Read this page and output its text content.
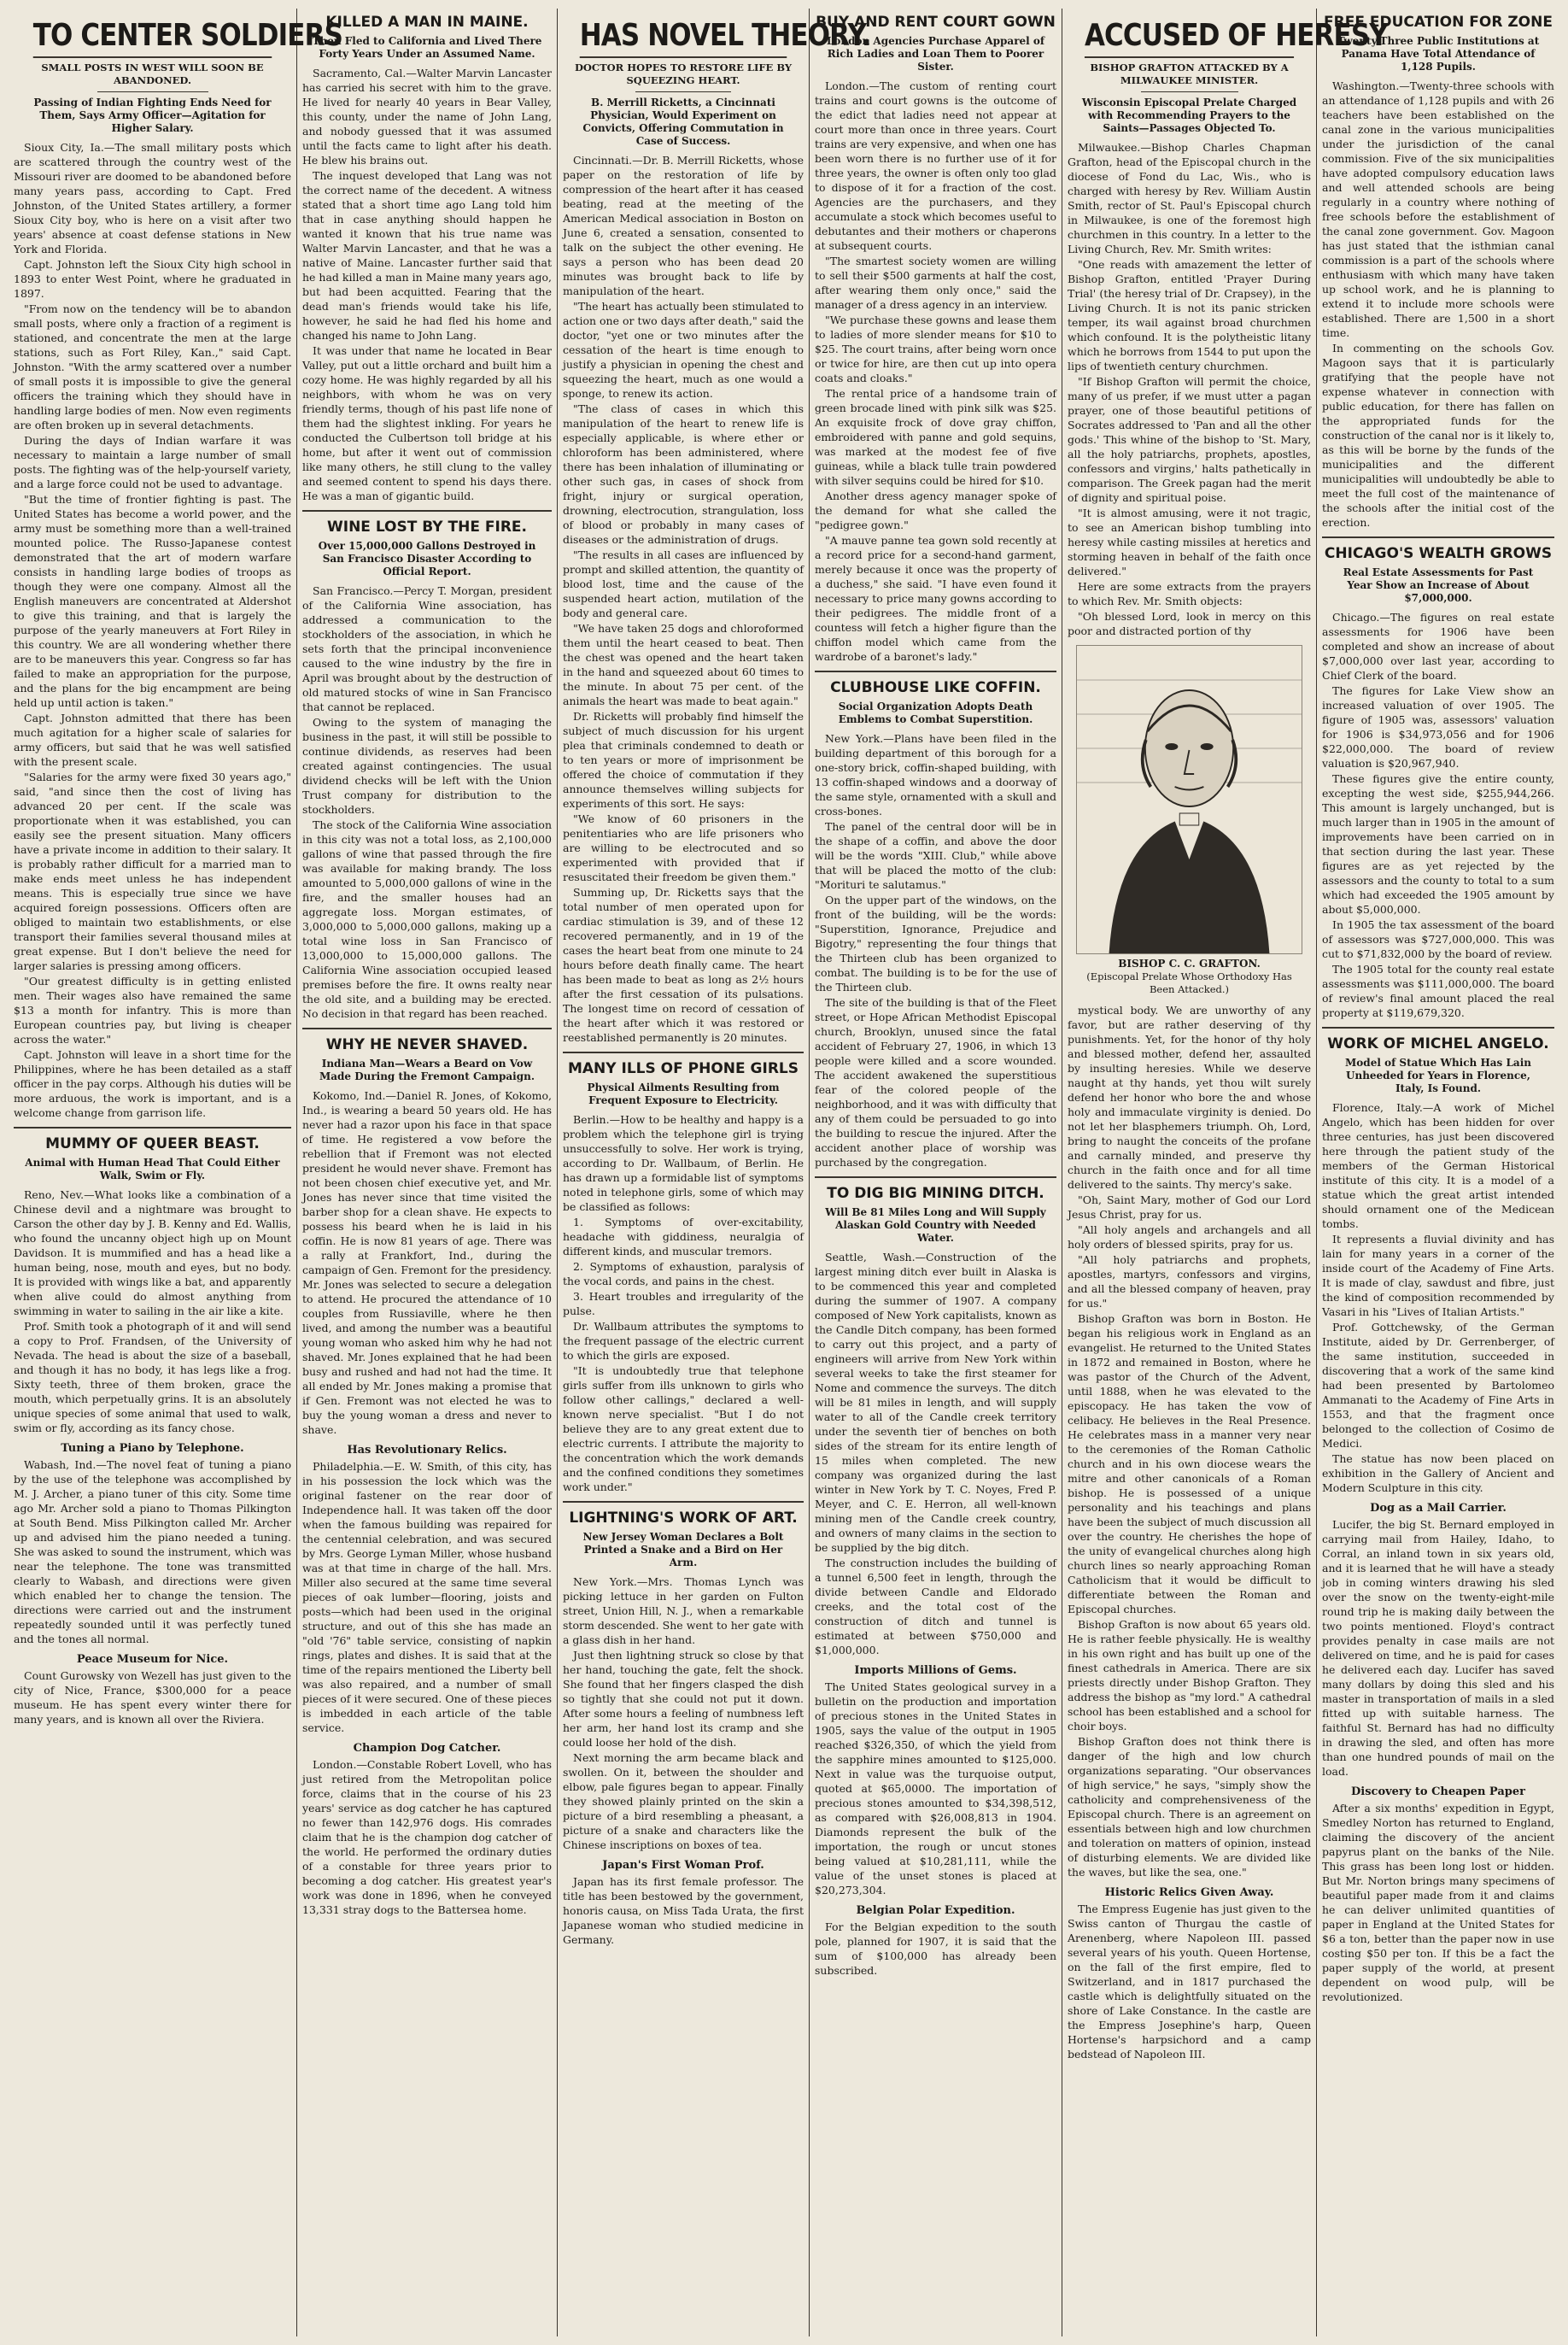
TO CENTER SOLDIERS
SMALL POSTS IN WEST WILL SOON BE ABANDONED.
Passing of Indian Fighting Ends Need for Them, Says Army Officer—Agitation for Higher Salary.

Sioux City, Ia.—The small military posts which are scattered through the country west of the Missouri river are doomed to be abandoned before many years pass, according to Capt. Fred Johnston, of the United States artillery, a former Sioux City boy, who is here on a visit after two years' absence at coast defense stations in New York and Florida.

Capt. Johnston left the Sioux City high school in 1893 to enter West Point, where he graduated in 1897.

"From now on the tendency will be to abandon small posts, where only a fraction of a regiment is stationed, and concentrate the men at the large stations, such as Fort Riley, Kan.," said Capt. Johnston. "With the army scattered over a number of small posts it is impossible to give the general officers the training which they should have in handling large bodies of men. Now even regiments are often broken up in several detachments.

During the days of Indian warfare it was necessary to maintain a large number of small posts. The fighting was of the help-yourself variety, and a large force could not be used to advantage.

"But the time of frontier fighting is past. The United States has become a world power, and the army must be something more than a well-trained mounted police. The Russo-Japanese contest demonstrated that the art of modern warfare consists in handling large bodies of troops as though they were one company. Almost all the English maneuvers are concentrated at Aldershot to give this training, and that is largely the purpose of the yearly maneuvers at Fort Riley in this country. We are all wondering whether there are to be maneuvers this year. Congress so far has failed to make an appropriation for the purpose, and the plans for the big encampment are being held up until action is taken."

Capt. Johnston admitted that there has been much agitation for a higher scale of salaries for army officers, but said that he was well satisfied with the present scale.

"Salaries for the army were fixed 30 years ago," said, "and since then the cost of living has advanced 20 per cent. If the scale was proportionate when it was established, you can easily see the present situation. Many officers have a private income in addition to their salary. It is probably rather difficult for a married man to make ends meet unless he has independent means. This is especially true since we have acquired foreign possessions. Officers often are obliged to maintain two establishments, or else transport their families several thousand miles at great expense. But I don't believe the need for larger salaries is pressing among officers.

"Our greatest difficulty is in getting enlisted men. Their wages also have remained the same $13 a month for infantry. This is more than European countries pay, but living is cheaper across the water."

Capt. Johnston will leave in a short time for the Philippines, where he has been detailed as a staff officer in the pay corps. Although his duties will be more arduous, the work is important, and is a welcome change from garrison life.

MUMMY OF QUEER BEAST.
Animal with Human Head That Could Either Walk, Swim or Fly.

Reno, Nev.—What looks like a combination of a Chinese devil and a nightmare was brought to Carson the other day by J. B. Kenny and Ed. Wallis, who found the uncanny object high up on Mount Davidson. It is mummified and has a head like a human being, nose, mouth and eyes, but no body. It is provided with wings like a bat, and apparently when alive could do almost anything from swimming in water to sailing in the air like a kite.

Prof. Smith took a photograph of it and will send a copy to Prof. Frandsen, of the University of Nevada. The head is about the size of a baseball, and though it has no body, it has legs like a frog. Sixty teeth, three of them broken, grace the mouth, which perpetually grins. It is an absolutely unique species of some animal that used to walk, swim or fly, according as its fancy chose.

Tuning a Piano by Telephone.

Wabash, Ind.—The novel feat of tuning a piano by the use of the telephone was accomplished by M. J. Archer, a piano tuner of this city. Some time ago Mr. Archer sold a piano to Thomas Pilkington at South Bend. Miss Pilkington called Mr. Archer up and advised him the piano needed a tuning. She was asked to sound the instrument, which was near the telephone. The tone was transmitted clearly to Wabash, and directions were given which enabled her to change the tension. The directions were carried out and the instrument repeatedly sounded until it was perfectly tuned and the tones all normal.

Peace Museum for Nice.

Count Gurowsky von Wezell has just given to the city of Nice, France, $300,000 for a peace museum. He has spent every winter there for many years, and is known all over the Riviera.

KILLED A MAN IN MAINE.
Then Fled to California and Lived There Forty Years Under an Assumed Name.

Sacramento, Cal.—Walter Marvin Lancaster has carried his secret with him to the grave. He lived for nearly 40 years in Bear Valley, this county, under the name of John Lang, and nobody guessed that it was assumed until the facts came to light after his death. He blew his brains out.

The inquest developed that Lang was not the correct name of the decedent. A witness stated that a short time ago Lang told him that in case anything should happen he wanted it known that his true name was Walter Marvin Lancaster, and that he was a native of Maine. Lancaster further said that he had killed a man in Maine many years ago, but had been acquitted. Fearing that the dead man's friends would take his life, however, he said he had fled his home and changed his name to John Lang.

It was under that name he located in Bear Valley, put out a little orchard and built him a cozy home. He was highly regarded by all his neighbors, with whom he was on very friendly terms, though of his past life none of them had the slightest inkling. For years he conducted the Culbertson toll bridge at his home, but after it went out of commission like many others, he still clung to the valley and seemed content to spend his days there. He was a man of gigantic build.

WINE LOST BY THE FIRE.
Over 15,000,000 Gallons Destroyed in San Francisco Disaster According to Official Report.

San Francisco.—Percy T. Morgan, president of the California Wine association, has addressed a communication to the stockholders of the association, in which he sets forth that the principal inconvenience caused to the wine industry by the fire in April was brought about by the destruction of old matured stocks of wine in San Francisco that cannot be replaced.

Owing to the system of managing the business in the past, it will still be possible to continue dividends, as reserves had been created against contingencies. The usual dividend checks will be left with the Union Trust company for distribution to the stockholders.

The stock of the California Wine association in this city was not a total loss, as 2,100,000 gallons of wine that passed through the fire was available for making brandy. The loss amounted to 5,000,000 gallons of wine in the fire, and the smaller houses had an aggregate loss. Morgan estimates, of 3,000,000 to 5,000,000 gallons, making up a total wine loss in San Francisco of 13,000,000 to 15,000,000 gallons. The California Wine association occupied leased premises before the fire. It owns realty near the old site, and a building may be erected. No decision in that regard has been reached.

WHY HE NEVER SHAVED.
Indiana Man—Wears a Beard on Vow Made During the Fremont Campaign.

Kokomo, Ind.—Daniel R. Jones, of Kokomo, Ind., is wearing a beard 50 years old. He has never had a razor upon his face in that space of time. He registered a vow before the rebellion that if Fremont was not elected president he would never shave. Fremont has not been chosen chief executive yet, and Mr. Jones has never since that time visited the barber shop for a clean shave. He expects to possess his beard when he is laid in his coffin. He is now 81 years of age. There was a rally at Frankfort, Ind., during the campaign of Gen. Fremont for the presidency. Mr. Jones was selected to secure a delegation to attend. He procured the attendance of 10 couples from Russiaville, where he then lived, and among the number was a beautiful young woman who asked him why he had not shaved. Mr. Jones explained that he had been busy and rushed and had not had the time. It all ended by Mr. Jones making a promise that if Gen. Fremont was not elected he was to buy the young woman a dress and never to shave.

Has Revolutionary Relics.

Philadelphia.—E. W. Smith, of this city, has in his possession the lock which was the original fastener on the rear door of Independence hall. It was taken off the door when the famous building was repaired for the centennial celebration, and was secured by Mrs. George Lyman Miller, whose husband was at that time in charge of the hall. Mrs. Miller also secured at the same time several pieces of oak lumber—flooring, joists and posts—which had been used in the original structure, and out of this she has made an "old '76" table service, consisting of napkin rings, plates and dishes. It is said that at the time of the repairs mentioned the Liberty bell was also repaired, and a number of small pieces of it were secured. One of these pieces is imbedded in each article of the table service.

Champion Dog Catcher.

London.—Constable Robert Lovell, who has just retired from the Metropolitan police force, claims that in the course of his 23 years' service as dog catcher he has captured no fewer than 142,976 dogs. His comrades claim that he is the champion dog catcher of the world. He performed the ordinary duties of a constable for three years prior to becoming a dog catcher. His greatest year's work was done in 1896, when he conveyed 13,331 stray dogs to the Battersea home.

HAS NOVEL THEORY.
DOCTOR HOPES TO RESTORE LIFE BY SQUEEZING HEART.
B. Merrill Ricketts, a Cincinnati Physician, Would Experiment on Convicts, Offering Commutation in Case of Success.

Cincinnati.—Dr. B. Merrill Ricketts, whose paper on the restoration of life by compression of the heart after it has ceased beating, read at the meeting of the American Medical association in Boston on June 6, created a sensation, consented to talk on the subject the other evening. He says a person who has been dead 20 minutes was brought back to life by manipulation of the heart.

"The heart has actually been stimulated to action one or two days after death," said the doctor, "yet one or two minutes after the cessation of the heart is time enough to justify a physician in opening the chest and squeezing the heart, much as one would a sponge, to renew its action.

"The class of cases in which this manipulation of the heart to renew life is especially applicable, is where ether or chloroform has been administered, where there has been inhalation of illuminating or other such gas, in cases of shock from fright, injury or surgical operation, drowning, electrocution, strangulation, loss of blood or probably in many cases of diseases or the administration of drugs.

"The results in all cases are influenced by prompt and skilled attention, the quantity of blood lost, time and the cause of the suspended heart action, mutilation of the body and general care.

"We have taken 25 dogs and chloroformed them until the heart ceased to beat. Then the chest was opened and the heart taken in the hand and squeezed about 60 times to the minute. In about 75 per cent. of the animals the heart was made to beat again."

Dr. Ricketts will probably find himself the subject of much discussion for his urgent plea that criminals condemned to death or to ten years or more of imprisonment be offered the choice of commutation if they announce themselves willing subjects for experiments of this sort. He says:

"We know of 60 prisoners in the penitentiaries who are life prisoners who are willing to be electrocuted and so experimented with provided that if resuscitated their freedom be given them."

Summing up, Dr. Ricketts says that the total number of men operated upon for cardiac stimulation is 39, and of these 12 recovered permanently, and in 19 of the cases the heart beat from one minute to 24 hours before death finally came. The heart has been made to beat as long as 2½ hours after the first cessation of its pulsations. The longest time on record of cessation of the heart after which it was restored or reestablished permanently is 20 minutes.

MANY ILLS OF PHONE GIRLS
Physical Ailments Resulting from Frequent Exposure to Electricity.

Berlin.—How to be healthy and happy is a problem which the telephone girl is trying unsuccessfully to solve. Her work is trying, according to Dr. Wallbaum, of Berlin. He has drawn up a formidable list of symptoms noted in telephone girls, some of which may be classified as follows:

1. Symptoms of over-excitability, headache with giddiness, neuralgia of different kinds, and muscular tremors.

2. Symptoms of exhaustion, paralysis of the vocal cords, and pains in the chest.

3. Heart troubles and irregularity of the pulse.

Dr. Wallbaum attributes the symptoms to the frequent passage of the electric current to which the girls are exposed.

"It is undoubtedly true that telephone girls suffer from ills unknown to girls who follow other callings," declared a well-known nerve specialist. "But I do not believe they are to any great extent due to electric currents. I attribute the majority to the concentration which the work demands and the confined conditions they sometimes work under."

LIGHTNING'S WORK OF ART.
New Jersey Woman Declares a Bolt Printed a Snake and a Bird on Her Arm.

New York.—Mrs. Thomas Lynch was picking lettuce in her garden on Fulton street, Union Hill, N. J., when a remarkable storm descended. She went to her gate with a glass dish in her hand.

Just then lightning struck so close by that her hand, touching the gate, felt the shock. She found that her fingers clasped the dish so tightly that she could not put it down. After some hours a feeling of numbness left her arm, her hand lost its cramp and she could loose her hold of the dish.

Next morning the arm became black and swollen. On it, between the shoulder and elbow, pale figures began to appear. Finally they showed plainly printed on the skin a picture of a bird resembling a pheasant, a picture of a snake and characters like the Chinese inscriptions on boxes of tea.

Japan's First Woman Prof.

Japan has its first female professor. The title has been bestowed by the government, honoris causa, on Miss Tada Urata, the first Japanese woman who studied medicine in Germany.

BUY AND RENT COURT GOWN
London Agencies Purchase Apparel of Rich Ladies and Loan Them to Poorer Sister.

London.—The custom of renting court trains and court gowns is the outcome of the edict that ladies need not appear at court more than once in three years. Court trains are very expensive, and when one has been worn there is no further use of it for three years, the owner is often only too glad to dispose of it for a fraction of the cost. Agencies are the purchasers, and they accumulate a stock which becomes useful to debutantes and their mothers or chaperons at subsequent courts.

"The smartest society women are willing to sell their $500 garments at half the cost, after wearing them only once," said the manager of a dress agency in an interview.

"We purchase these gowns and lease them to ladies of more slender means for $10 to $25. The court trains, after being worn once or twice for hire, are then cut up into opera coats and cloaks."

The rental price of a handsome train of green brocade lined with pink silk was $25. An exquisite frock of dove gray chiffon, embroidered with panne and gold sequins, was marked at the modest fee of five guineas, while a black tulle train powdered with silver sequins could be hired for $10.

Another dress agency manager spoke of the demand for what she called the "pedigree gown."

"A mauve panne tea gown sold recently at a record price for a second-hand garment, merely because it once was the property of a duchess," she said. "I have even found it necessary to price many gowns according to their pedigrees. The middle front of a countess will fetch a higher figure than the chiffon model which came from the wardrobe of a baronet's lady."

CLUBHOUSE LIKE COFFIN.
Social Organization Adopts Death Emblems to Combat Superstition.

New York.—Plans have been filed in the building department of this borough for a one-story brick, coffin-shaped building, with 13 coffin-shaped windows and a doorway of the same style, ornamented with a skull and cross-bones.

The panel of the central door will be in the shape of a coffin, and above the door will be the words "XIII. Club," while above that will be placed the motto of the club: "Morituri te salutamus."

On the upper part of the windows, on the front of the building, will be the words: "Superstition, Ignorance, Prejudice and Bigotry," representing the four things that the Thirteen club has been organized to combat. The building is to be for the use of the Thirteen club.

The site of the building is that of the Fleet street, or Hope African Methodist Episcopal church, Brooklyn, unused since the fatal accident of February 27, 1906, in which 13 people were killed and a score wounded. The accident awakened the superstitious fear of the colored people of the neighborhood, and it was with difficulty that any of them could be persuaded to go into the building to rescue the injured. After the accident another place of worship was purchased by the congregation.

TO DIG BIG MINING DITCH.
Will Be 81 Miles Long and Will Supply Alaskan Gold Country with Needed Water.

Seattle, Wash.—Construction of the largest mining ditch ever built in Alaska is to be commenced this year and completed during the summer of 1907. A company composed of New York capitalists, known as the Candle Ditch company, has been formed to carry out this project, and a party of engineers will arrive from New York within several weeks to take the first steamer for Nome and commence the surveys. The ditch will be 81 miles in length, and will supply water to all of the Candle creek territory under the seventh tier of benches on both sides of the stream for its entire length of 15 miles when completed. The new company was organized during the last winter in New York by T. C. Noyes, Fred P. Meyer, and C. E. Herron, all well-known mining men of the Candle creek country, and owners of many claims in the section to be supplied by the big ditch.

The construction includes the building of a tunnel 6,500 feet in length, through the divide between Candle and Eldorado creeks, and the total cost of the construction of ditch and tunnel is estimated at between $750,000 and $1,000,000.

Imports Millions of Gems.

The United States geological survey in a bulletin on the production and importation of precious stones in the United States in 1905, says the value of the output in 1905 reached $326,350, of which the yield from the sapphire mines amounted to $125,000. Next in value was the turquoise output, quoted at $65,0000. The importation of precious stones amounted to $34,398,512, as compared with $26,008,813 in 1904. Diamonds represent the bulk of the importation, the rough or uncut stones being valued at $10,281,111, while the value of the unset stones is placed at $20,273,304.

Belgian Polar Expedition.

For the Belgian expedition to the south pole, planned for 1907, it is said that the sum of $100,000 has already been subscribed.

ACCUSED OF HERESY
BISHOP GRAFTON ATTACKED BY A MILWAUKEE MINISTER.
Wisconsin Episcopal Prelate Charged with Recommending Prayers to the Saints—Passages Objected To.

Milwaukee.—Bishop Charles Chapman Grafton, head of the Episcopal church in the diocese of Fond du Lac, Wis., who is charged with heresy by Rev. William Austin Smith, rector of St. Paul's Episcopal church in Milwaukee, is one of the foremost high churchmen in this country. In a letter to the Living Church, Rev. Mr. Smith writes:

"One reads with amazement the letter of Bishop Grafton, entitled 'Prayer During Trial' (the heresy trial of Dr. Crapsey), in the Living Church. It is not its panic stricken temper, its wail against broad churchmen which confound. It is the polytheistic litany which he borrows from 1544 to put upon the lips of twentieth century churchmen.

"If Bishop Grafton will permit the choice, many of us prefer, if we must utter a pagan prayer, one of those beautiful petitions of Socrates addressed to 'Pan and all the other gods.' This whine of the bishop to 'St. Mary, all the holy patriarchs, prophets, apostles, confessors and virgins,' halts pathetically in comparison. The Greek pagan had the merit of dignity and spiritual poise.

"It is almost amusing, were it not tragic, to see an American bishop tumbling into heresy while casting missiles at heretics and storming heaven in behalf of the faith once delivered."

Here are some extracts from the prayers to which Rev. Mr. Smith objects:

"Oh blessed Lord, look in mercy on this poor and distracted portion of thy

BISHOP C. C. GRAFTON.
(Episcopal Prelate Whose Orthodoxy Has Been Attacked.)

mystical body. We are unworthy of any favor, but are rather deserving of thy punishments. Yet, for the honor of thy holy and blessed mother, defend her, assaulted by insulting heresies. While we deserve naught at thy hands, yet thou wilt surely defend her honor who bore the and whose holy and immaculate virginity is denied. Do not let her blasphemers triumph. Oh, Lord, bring to naught the conceits of the profane and carnally minded, and preserve thy church in the faith once and for all time delivered to the saints. Thy mercy's sake.

"Oh, Saint Mary, mother of God our Lord Jesus Christ, pray for us.

"All holy angels and archangels and all holy orders of blessed spirits, pray for us.

"All holy patriarchs and prophets, apostles, martyrs, confessors and virgins, and all the blessed company of heaven, pray for us."

Bishop Grafton was born in Boston. He began his religious work in England as an evangelist. He returned to the United States in 1872 and remained in Boston, where he was pastor of the Church of the Advent, until 1888, when he was elevated to the episcopacy. He has taken the vow of celibacy. He believes in the Real Presence. He celebrates mass in a manner very near to the ceremonies of the Roman Catholic church and in his own diocese wears the mitre and other canonicals of a Roman bishop. He is possessed of a unique personality and his teachings and plans have been the subject of much discussion all over the country. He cherishes the hope of the unity of evangelical churches along high church lines so nearly approaching Roman Catholicism that it would be difficult to differentiate between the Roman and Episcopal churches.

Bishop Grafton is now about 65 years old. He is rather feeble physically. He is wealthy in his own right and has built up one of the finest cathedrals in America. There are six priests directly under Bishop Grafton. They address the bishop as "my lord." A cathedral school has been established and a school for choir boys.

Bishop Grafton does not think there is danger of the high and low church organizations separating. "Our observances of high service," he says, "simply show the catholicity and comprehensiveness of the Episcopal church. There is an agreement on essentials between high and low churchmen and toleration on matters of opinion, instead of disturbing elements. We are divided like the waves, but like the sea, one."

Historic Relics Given Away.

The Empress Eugenie has just given to the Swiss canton of Thurgau the castle of Arenenberg, where Napoleon III. passed several years of his youth. Queen Hortense, on the fall of the first empire, fled to Switzerland, and in 1817 purchased the castle which is delightfully situated on the shore of Lake Constance. In the castle are the Empress Josephine's harp, Queen Hortense's harpsichord and a camp bedstead of Napoleon III.

FREE EDUCATION FOR ZONE
Twenty-Three Public Institutions at Panama Have Total Attendance of 1,128 Pupils.

Washington.—Twenty-three schools with an attendance of 1,128 pupils and with 26 teachers have been established on the canal zone in the various municipalities under the jurisdiction of the canal commission. Five of the six municipalities have adopted compulsory education laws and well attended schools are being regularly in a country where nothing of free schools before the establishment of the canal zone government. Gov. Magoon has just stated that the isthmian canal commission is a part of the schools where enthusiasm with which many have taken up school work, and he is planning to extend it to include more schools were established. There are 1,500 in a short time.

In commenting on the schools Gov. Magoon says that it is particularly gratifying that the people have not expense whatever in connection with public education, for there has fallen on the appropriated funds for the construction of the canal nor is it likely to, as this will be borne by the funds of the municipalities and the different municipalities will undoubtedly be able to meet the full cost of the maintenance of the schools after the initial cost of the erection.

CHICAGO'S WEALTH GROWS
Real Estate Assessments for Past Year Show an Increase of About $7,000,000.

Chicago.—The figures on real estate assessments for 1906 have been completed and show an increase of about $7,000,000 over last year, according to Chief Clerk of the board.

The figures for Lake View show an increased valuation of over 1905. The figure of 1905 was, assessors' valuation for 1906 is $34,973,056 and for 1906 $22,000,000. The board of review valuation is $20,967,940.

These figures give the entire county, excepting the west side, $255,944,266. This amount is largely unchanged, but is much larger than in 1905 in the amount of improvements have been carried on in that section during the last year. These figures are as yet rejected by the assessors and the county to total to a sum which had exceeded the 1905 amount by about $5,000,000.

In 1905 the tax assessment of the board of assessors was $727,000,000. This was cut to $71,832,000 by the board of review.

The 1905 total for the county real estate assessments was $111,000,000. The board of review's final amount placed the real property at $119,679,320.

WORK OF MICHEL ANGELO.
Model of Statue Which Has Lain Unheeded for Years in Florence, Italy, Is Found.

Florence, Italy.—A work of Michel Angelo, which has been hidden for over three centuries, has just been discovered here through the patient study of the members of the German Historical institute of this city. It is a model of a statue which the great artist intended should ornament one of the Medicean tombs.

It represents a fluvial divinity and has lain for many years in a corner of the inside court of the Academy of Fine Arts. It is made of clay, sawdust and fibre, just the kind of composition recommended by Vasari in his "Lives of Italian Artists."

Prof. Gottchewsky, of the German Institute, aided by Dr. Gerrenberger, of the same institution, succeeded in discovering that a work of the same kind had been presented by Bartolomeo Ammanati to the Academy of Fine Arts in 1553, and that the fragment once belonged to the collection of Cosimo de Medici.

The statue has now been placed on exhibition in the Gallery of Ancient and Modern Sculpture in this city.

Dog as a Mail Carrier.

Lucifer, the big St. Bernard employed in carrying mail from Hailey, Idaho, to Corral, an inland town in six years old, and it is learned that he will have a steady job in coming winters drawing his sled over the snow on the twenty-eight-mile round trip he is making daily between the two points mentioned. Floyd's contract provides penalty in case mails are not delivered on time, and he is paid for cases he delivered each day. Lucifer has saved many dollars by doing this sled and his master in transportation of mails in a sled fitted up with suitable harness. The faithful St. Bernard has had no difficulty in drawing the sled, and often has more than one hundred pounds of mail on the load.

Discovery to Cheapen Paper

After a six months' expedition in Egypt, Smedley Norton has returned to England, claiming the discovery of the ancient papyrus plant on the banks of the Nile. This grass has been long lost or hidden. But Mr. Norton brings many specimens of beautiful paper made from it and claims he can deliver unlimited quantities of paper in England at the United States for $6 a ton, better than the paper now in use costing $50 per ton. If this be a fact the paper supply of the world, at present dependent on wood pulp, will be revolutionized.
